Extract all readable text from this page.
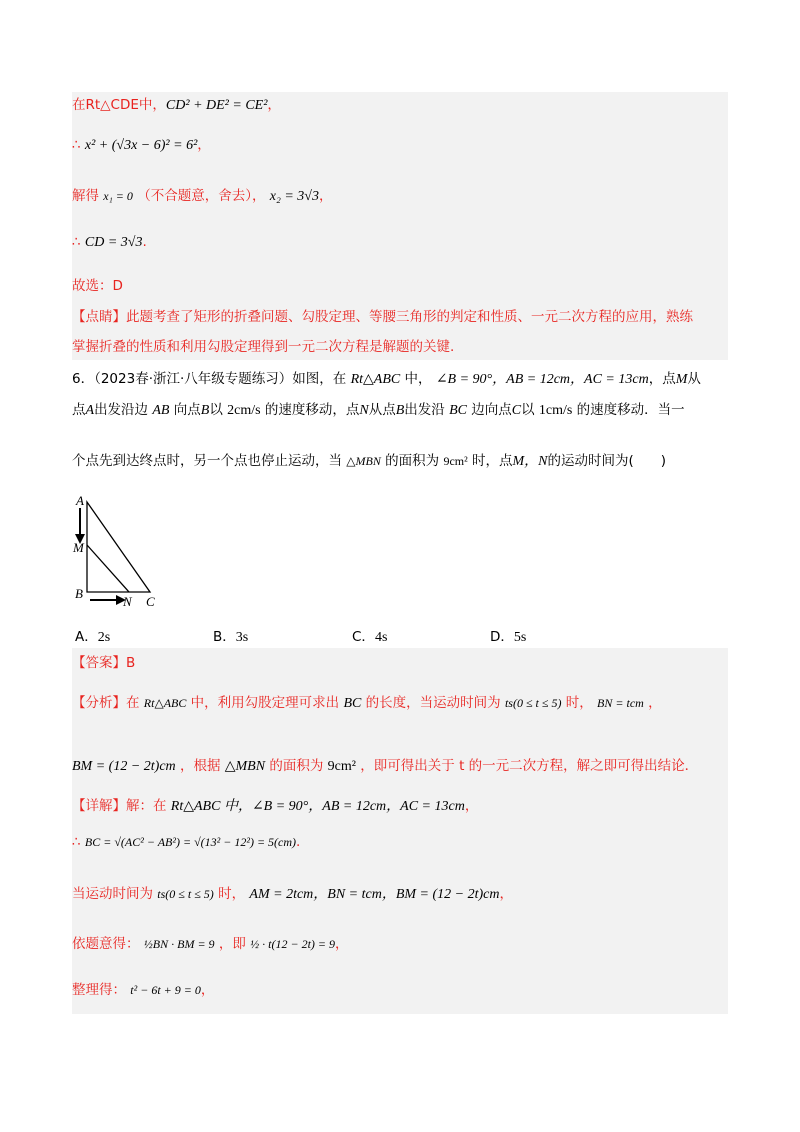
在Rt△CDE中，CD² + DE² = CE²，
∴ x² + (√3x − 6)² = 6²，
解得 x₁ = 0 （不合题意，舍去）， x₂ = 3√3，
∴ CD = 3√3.
故选：D
【点睛】此题考查了矩形的折叠问题、勾股定理、等腰三角形的判定和性质、一元二次方程的应用，熟练
掌握折叠的性质和利用勾股定理得到一元二次方程是解题的关键.
6．（2023春·浙江·八年级专题练习）如图，在 Rt△ABC 中， ∠B = 90°，AB = 12cm，AC = 13cm，点M从
点A出发沿边 AB 向点B以 2cm/s 的速度移动，点N从点B出发沿 BC 边向点C以 1cm/s 的速度移动．当一
个点先到达终点时，另一个点也停止运动，当 △MBN 的面积为 9cm² 时，点M，N的运动时间为(　　)
A
M
B
N C
A．2s	B．3s	C．4s	D．5s
【答案】B
【分析】在 Rt△ABC 中，利用勾股定理可求出 BC 的长度，当运动时间为 ts(0 ≤ t ≤ 5) 时， BN = tcm ，
BM = (12 − 2t)cm ，根据 △MBN 的面积为 9cm² ，即可得出关于 t 的一元二次方程，解之即可得出结论．
【详解】解：在 Rt△ABC 中，∠B = 90°，AB = 12cm，AC = 13cm，
∴ BC = √(AC² − AB²) = √(13² − 12²) = 5(cm).
当运动时间为 ts(0 ≤ t ≤ 5) 时， AM = 2tcm，BN = tcm，BM = (12 − 2t)cm，
依题意得： ½BN · BM = 9 ，即 ½ · t(12 − 2t) = 9，
整理得： t² − 6t + 9 = 0，
